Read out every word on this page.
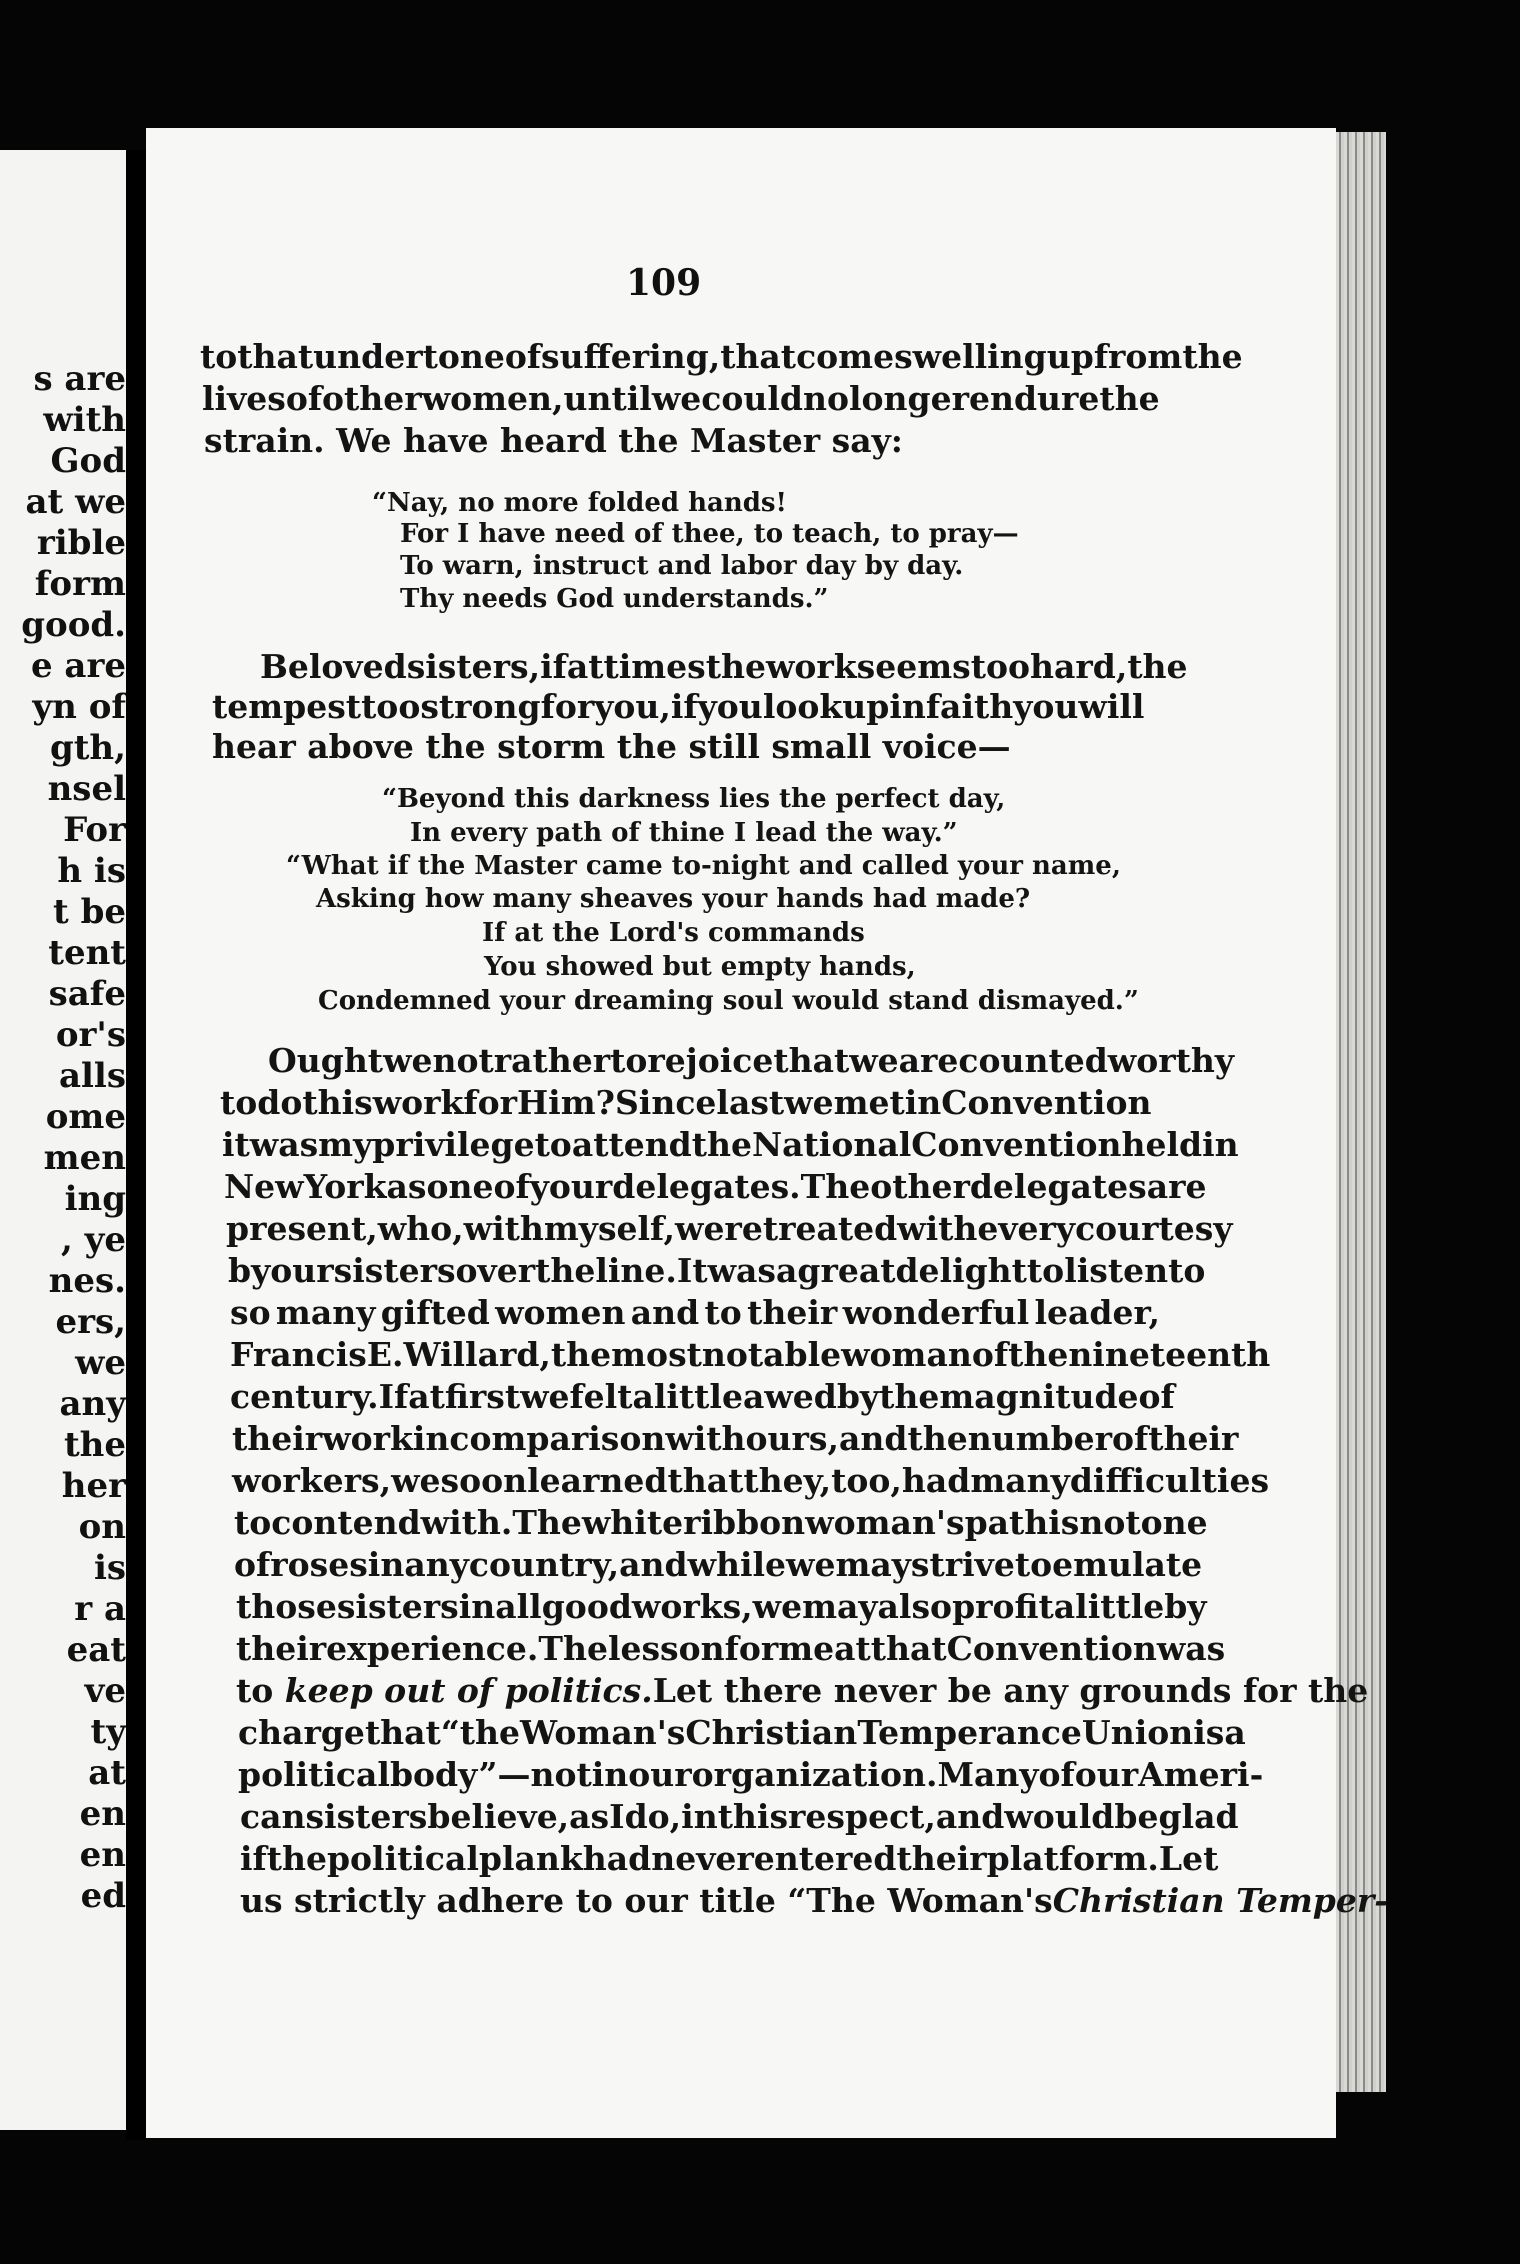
s are
with
God
at we
rible
form
good.
e are
yn of
gth,
nsel
For
h is
t be
tent
safe
or's
alls
ome
men
ing
, ye
nes.
ers,
we
any
the
her
on
is
r a
eat
ve
ty
at
en
en
ed
109
to that undertone of suffering, that comes welling up from the
lives of other women, until we could no longer endure the
strain. We have heard the Master say:
“Nay, no more folded hands!
For I have need of thee, to teach, to pray—
To warn, instruct and labor day by day.
Thy needs God understands.”
Beloved sisters, if at times the work seems too hard, the
tempest too strong for you, if you look up in faith you will
hear above the storm the still small voice—
“Beyond this darkness lies the perfect day,
In every path of thine I lead the way.”
“What if the Master came to-night and called your name,
Asking how many sheaves your hands had made?
If at the Lord's commands
You showed but empty hands,
Condemned your dreaming soul would stand dismayed.”
Ought we not rather to rejoice that we are counted worthy
to do this work for Him? Since last we met in Convention
it was my privilege to attend the National Convention held in
New York as one of your delegates. The other delegates are
present, who, with myself, were treated with every courtesy
by our sisters over the line. It was a great delight to listen to
so many gifted women and to their wonderful leader,
Francis E. Willard, the most notable woman of the nineteenth
century. If at first we felt a little awed by the magnitude of
their work in comparison with ours, and the number of their
workers, we soon learned that they, too, had many difficulties
to contend with. The white ribbon woman's path is not one
of roses in any country, and while we may strive to emulate
those sisters in all good works, we may also profit a little by
their experience. The lesson for me at that Convention was
to keep out of politics. Let there never be any grounds for the
charge that “the Woman's Christian Temperance Union is a
political body”—not in our organization. Many of our Ameri-
can sisters believe, as I do, in this respect, and would be glad
if the political plank had never entered their platform. Let
us strictly adhere to our title “The Woman's Christian Temper-
